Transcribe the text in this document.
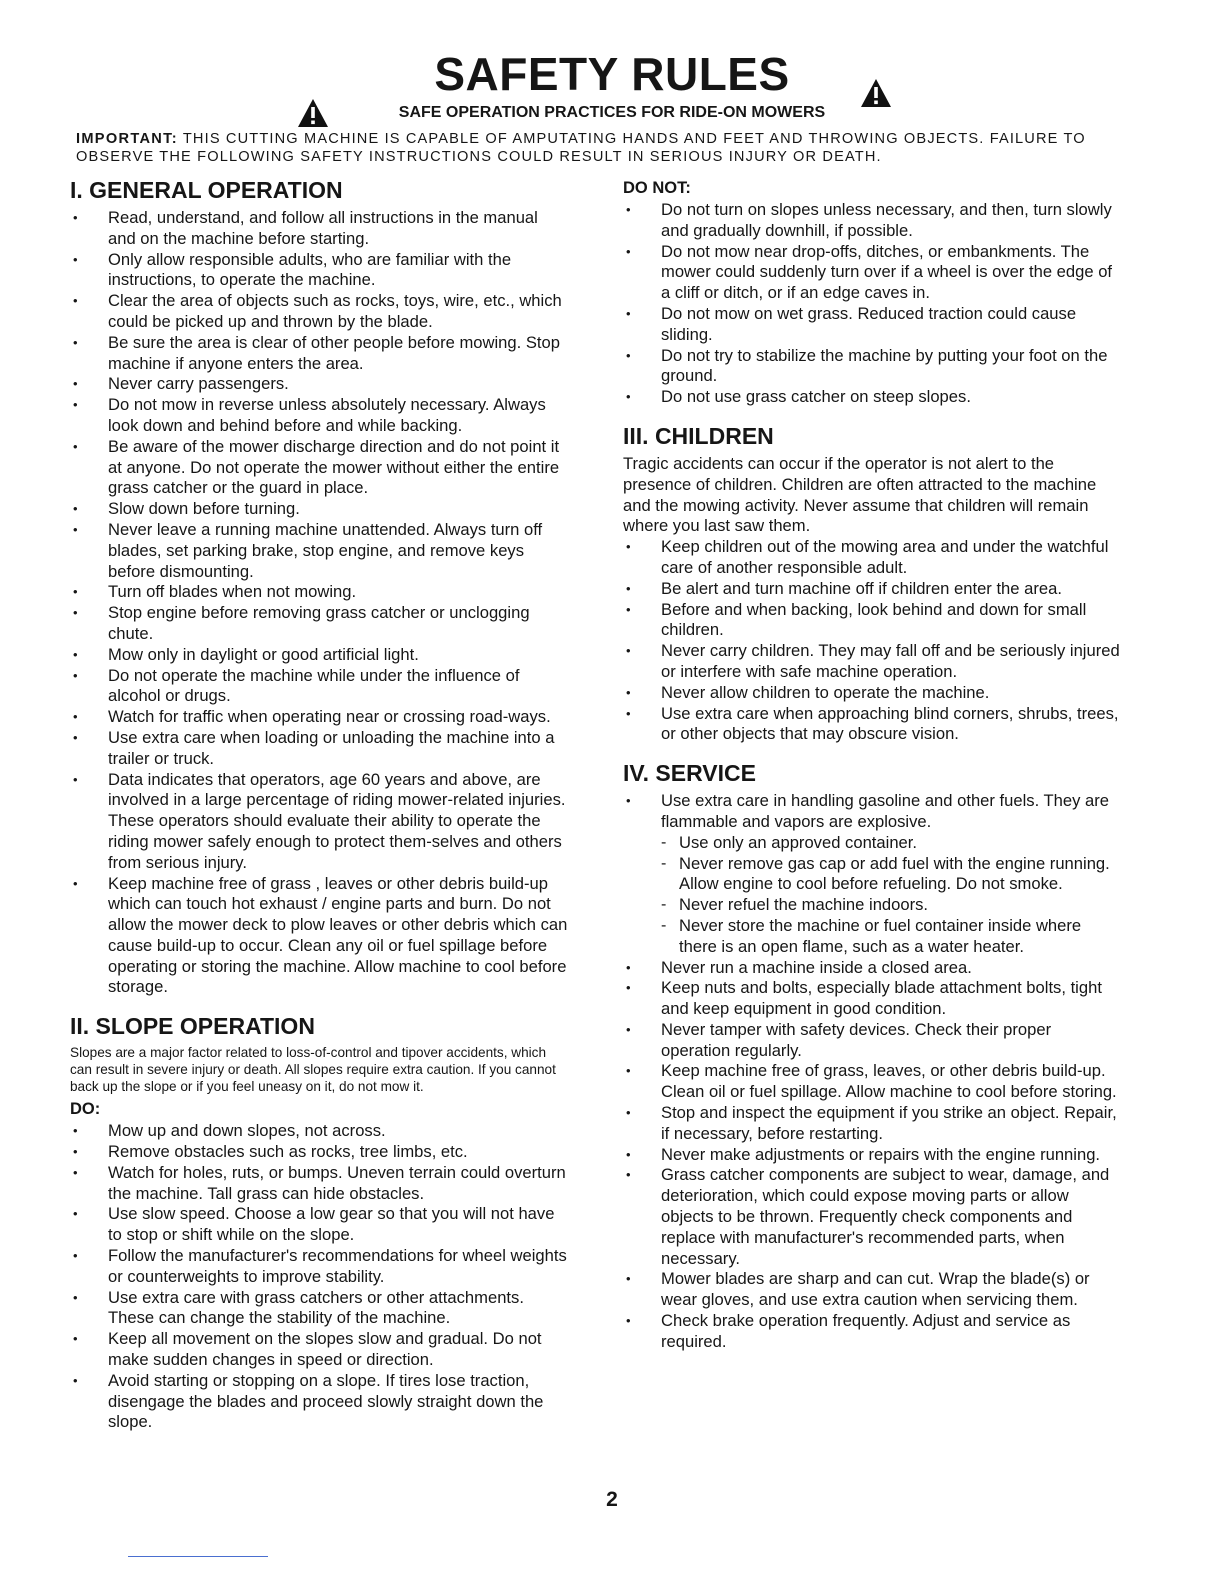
SAFETY RULES
SAFE OPERATION PRACTICES FOR RIDE-ON MOWERS
IMPORTANT: THIS CUTTING MACHINE IS CAPABLE OF AMPUTATING HANDS AND FEET AND THROWING OBJECTS. FAILURE TO OBSERVE THE FOLLOWING SAFETY INSTRUCTIONS COULD RESULT IN SERIOUS INJURY OR DEATH.
I. GENERAL OPERATION
• Read, understand, and follow all instructions in the manual and on the machine before starting.
• Only allow responsible adults, who are familiar with the instructions, to operate the machine.
• Clear the area of objects such as rocks, toys, wire, etc., which could be picked up and thrown by the blade.
• Be sure the area is clear of other people before mowing. Stop machine if anyone enters the area.
• Never carry passengers.
• Do not mow in reverse unless absolutely necessary. Always look down and behind before and while backing.
• Be aware of the mower discharge direction and do not point it at anyone. Do not operate the mower without either the entire grass catcher or the guard in place.
• Slow down before turning.
• Never leave a running machine unattended. Always turn off blades, set parking brake, stop engine, and remove keys before dismounting.
• Turn off blades when not mowing.
• Stop engine before removing grass catcher or unclogging chute.
• Mow only in daylight or good artificial light.
• Do not operate the machine while under the influence of alcohol or drugs.
• Watch for traffic when operating near or crossing road-ways.
• Use extra care when loading or unloading the machine into a trailer or truck.
• Data indicates that operators, age 60 years and above, are involved in a large percentage of riding mower-related injuries. These operators should evaluate their ability to operate the riding mower safely enough to protect them-selves and others from serious injury.
• Keep machine free of grass , leaves or other debris build-up which can touch hot exhaust / engine parts and burn. Do not allow the mower deck to plow leaves or other debris which can cause build-up to occur. Clean any oil or fuel spillage before operating or storing the machine. Allow machine to cool before storage.
II. SLOPE OPERATION

Slopes are a major factor related to loss-of-control and tipover accidents, which can result in severe injury or death. All slopes require extra caution. If you cannot back up the slope or if you feel uneasy on it, do not mow it.

DO:
• Mow up and down slopes, not across.
• Remove obstacles such as rocks, tree limbs, etc.
• Watch for holes, ruts, or bumps. Uneven terrain could overturn the machine. Tall grass can hide obstacles.
• Use slow speed. Choose a low gear so that you will not have to stop or shift while on the slope.
• Follow the manufacturer's recommendations for wheel weights or counterweights to improve stability.
• Use extra care with grass catchers or other attachments. These can change the stability of the machine.
• Keep all movement on the slopes slow and gradual. Do not make sudden changes in speed or direction.
• Avoid starting or stopping on a slope. If tires lose traction, disengage the blades and proceed slowly straight down the slope.
DO NOT:
• Do not turn on slopes unless necessary, and then, turn slowly and gradually downhill, if possible.
• Do not mow near drop-offs, ditches, or embankments. The mower could suddenly turn over if a wheel is over the edge of a cliff or ditch, or if an edge caves in.
• Do not mow on wet grass. Reduced traction could cause sliding.
• Do not try to stabilize the machine by putting your foot on the ground.
• Do not use grass catcher on steep slopes.
III. CHILDREN

Tragic accidents can occur if the operator is not alert to the presence of children. Children are often attracted to the machine and the mowing activity. Never assume that children will remain where you last saw them.

• Keep children out of the mowing area and under the watchful care of another responsible adult.
• Be alert and turn machine off if children enter the area.
• Before and when backing, look behind and down for small children.
• Never carry children. They may fall off and be seriously injured or interfere with safe machine operation.
• Never allow children to operate the machine.
• Use extra care when approaching blind corners, shrubs, trees, or other objects that may obscure vision.
IV. SERVICE
• Use extra care in handling gasoline and other fuels. They are flammable and vapors are explosive.
- Use only an approved container.
- Never remove gas cap or add fuel with the engine running. Allow engine to cool before refueling. Do not smoke.
- Never refuel the machine indoors.
- Never store the machine or fuel container inside where there is an open flame, such as a water heater.
• Never run a machine inside a closed area.
• Keep nuts and bolts, especially blade attachment bolts, tight and keep equipment in good condition.
• Never tamper with safety devices. Check their proper operation regularly.
• Keep machine free of grass, leaves, or other debris build-up. Clean oil or fuel spillage. Allow machine to cool before storing.
• Stop and inspect the equipment if you strike an object. Repair, if necessary, before restarting.
• Never make adjustments or repairs with the engine running.
• Grass catcher components are subject to wear, damage, and deterioration, which could expose moving parts or allow objects to be thrown. Frequently check components and replace with manufacturer's recommended parts, when necessary.
• Mower blades are sharp and can cut. Wrap the blade(s) or wear gloves, and use extra caution when servicing them.
• Check brake operation frequently. Adjust and service as required.
2
